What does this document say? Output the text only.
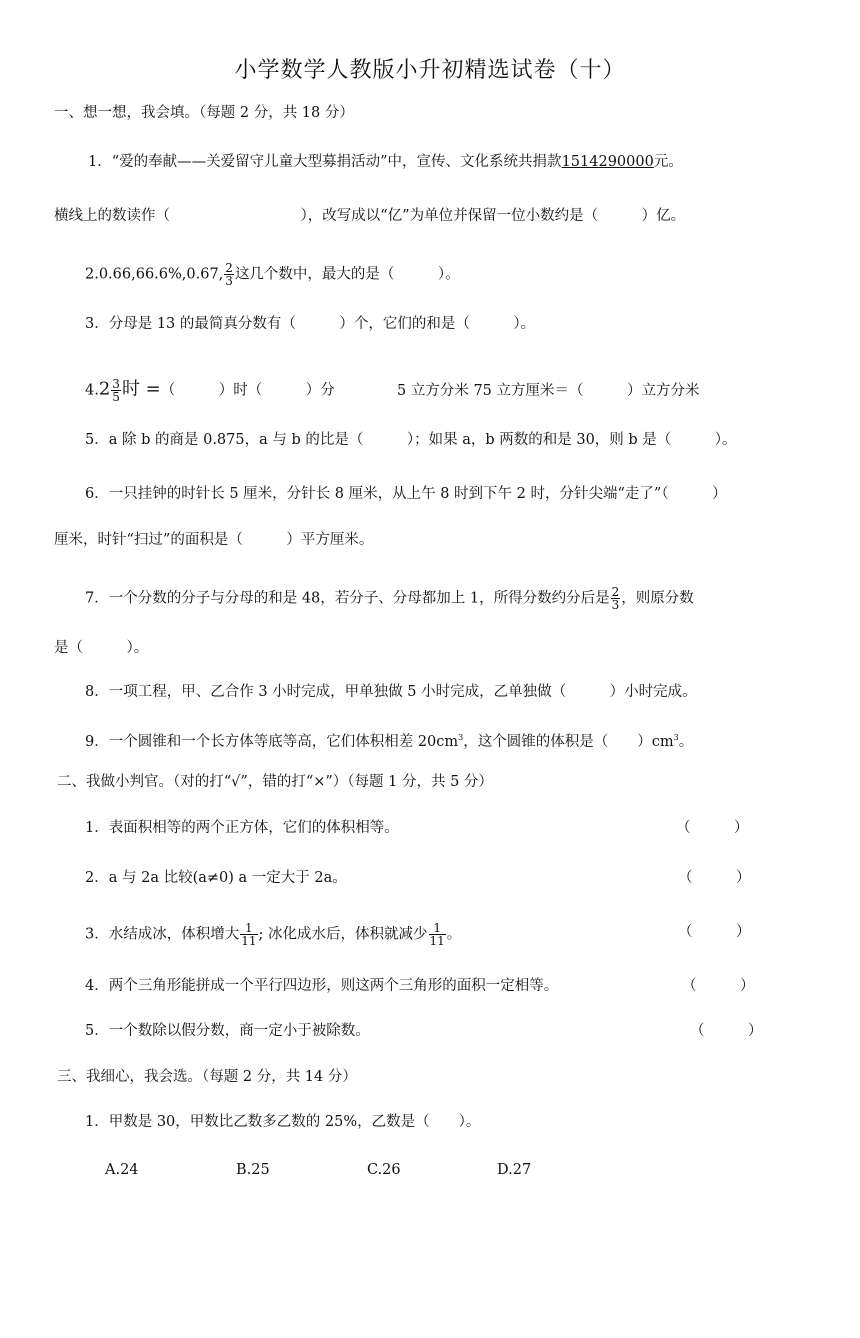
小学数学人教版小升初精选试卷（十）
一、想一想，我会填。（每题 2 分，共 18 分）
1．“爱的奉献——关爱留守儿童大型募捐活动”中，宣传、文化系统共捐款1514290000元。
横线上的数读作（　　　　　　　　　），改写成以“亿”为单位并保留一位小数约是（　　　）亿。
2.0.66,66.6%,0.67, $\frac{2}{3}$ 这几个数中，最大的是（　　　）。
3．分母是 13 的最简真分数有（　　　）个，它们的和是（　　　）。
$4.2 \frac{3}{5}$ 时 =（　　　）时（　　　）分	5 立方分米 75 立方厘米＝（　　　）立方分米
5．a 除 b 的商是 0.875，a 与 b 的比是（　　　）；如果 a，b 两数的和是 30，则 b 是（　　　）。
6．一只挂钟的时针长 5 厘米，分针长 8 厘米，从上午 8 时到下午 2 时，分针尖端“走了”（　　　）
厘米，时针“扫过”的面积是（　　　）平方厘米。
7．一个分数的分子与分母的和是 48，若分子、分母都加上 1，所得分数约分后是 $\frac{2}{3}$ ，则原分数
是（　　　）。
8．一项工程，甲、乙合作 3 小时完成，甲单独做 5 小时完成，乙单独做（　　　）小时完成。
9．一个圆锥和一个长方体等底等高，它们体积相差 $20cm^3$，这个圆锥的体积是（　　）$cm^3$。
二、我做小判官。（对的打“√”，错的打“×”）（每题 1 分，共 5 分）
1．表面积相等的两个正方体，它们的体积相等。	（　　　）
2．a 与 2a 比较(a≠0) a 一定大于 2a。	（　　　）
3．水结成冰，体积增大 $\frac{1}{11}$ ; 冰化成水后，体积就减少 $\frac{1}{11}$ 。	（　　　）
4．两个三角形能拼成一个平行四边形，则这两个三角形的面积一定相等。	（　　　）
5．一个数除以假分数，商一定小于被除数。	（　　　）
三、我细心，我会选。（每题 2 分，共 14 分）
1．甲数是 30，甲数比乙数多乙数的 25%，乙数是（　　）。
A.24	B.25	C.26	D.27
